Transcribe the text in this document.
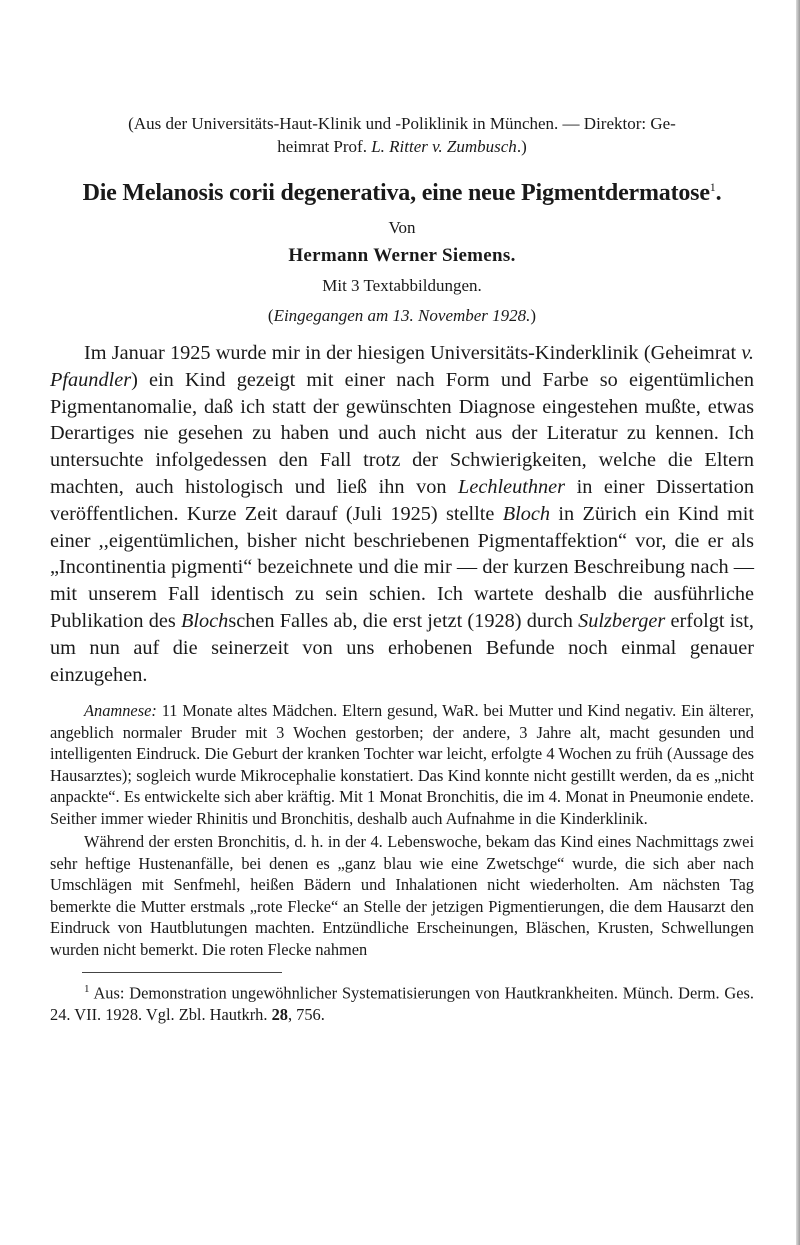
(Aus der Universitäts-Haut-Klinik und -Poliklinik in München. — Direktor: Ge-
heimrat Prof. L. Ritter v. Zumbusch.)
Die Melanosis corii degenerativa, eine neue Pigmentdermatose$^1$.

Von

Hermann Werner Siemens.

Mit 3 Textabbildungen.

(Eingegangen am 13. November 1928.)

Im Januar 1925 wurde mir in der hiesigen Universitäts-Kinderklinik (Geheimrat v. Pfaundler) ein Kind gezeigt mit einer nach Form und Farbe so eigentümlichen Pigmentanomalie, daß ich statt der gewünschten Diagnose eingestehen mußte, etwas Derartiges nie gesehen zu haben und auch nicht aus der Literatur zu kennen. Ich untersuchte infolgedessen den Fall trotz der Schwierigkeiten, welche die Eltern machten, auch histologisch und ließ ihn von Lechleuthner in einer Dissertation veröffentlichen. Kurze Zeit darauf (Juli 1925) stellte Bloch in Zürich ein Kind mit einer ,,eigentümlichen, bisher nicht beschriebenen Pigmentaffektion“ vor, die er als „Incontinentia pigmenti“ bezeichnete und die mir — der kurzen Beschreibung nach — mit unserem Fall identisch zu sein schien. Ich wartete deshalb die ausführliche Publikation des Blochschen Falles ab, die erst jetzt (1928) durch Sulzberger erfolgt ist, um nun auf die seinerzeit von uns erhobenen Befunde noch einmal genauer einzugehen.

Anamnese: 11 Monate altes Mädchen. Eltern gesund, WaR. bei Mutter und Kind negativ. Ein älterer, angeblich normaler Bruder mit 3 Wochen gestorben; der andere, 3 Jahre alt, macht gesunden und intelligenten Eindruck. Die Geburt der kranken Tochter war leicht, erfolgte 4 Wochen zu früh (Aussage des Hausarztes); sogleich wurde Mikrocephalie konstatiert. Das Kind konnte nicht gestillt werden, da es „nicht anpackte“. Es entwickelte sich aber kräftig. Mit 1 Monat Bronchitis, die im 4. Monat in Pneumonie endete. Seither immer wieder Rhinitis und Bronchitis, deshalb auch Aufnahme in die Kinderklinik.

Während der ersten Bronchitis, d. h. in der 4. Lebenswoche, bekam das Kind eines Nachmittags zwei sehr heftige Hustenanfälle, bei denen es „ganz blau wie eine Zwetschge“ wurde, die sich aber nach Umschlägen mit Senfmehl, heißen Bädern und Inhalationen nicht wiederholten. Am nächsten Tag bemerkte die Mutter erstmals „rote Flecke“ an Stelle der jetzigen Pigmentierungen, die dem Hausarzt den Eindruck von Hautblutungen machten. Entzündliche Erscheinungen, Bläschen, Krusten, Schwellungen wurden nicht bemerkt. Die roten Flecke nahmen

$^1$ Aus: Demonstration ungewöhnlicher Systematisierungen von Hautkrankheiten. Münch. Derm. Ges. 24. VII. 1928. Vgl. Zbl. Hautkrh. 28, 756.
